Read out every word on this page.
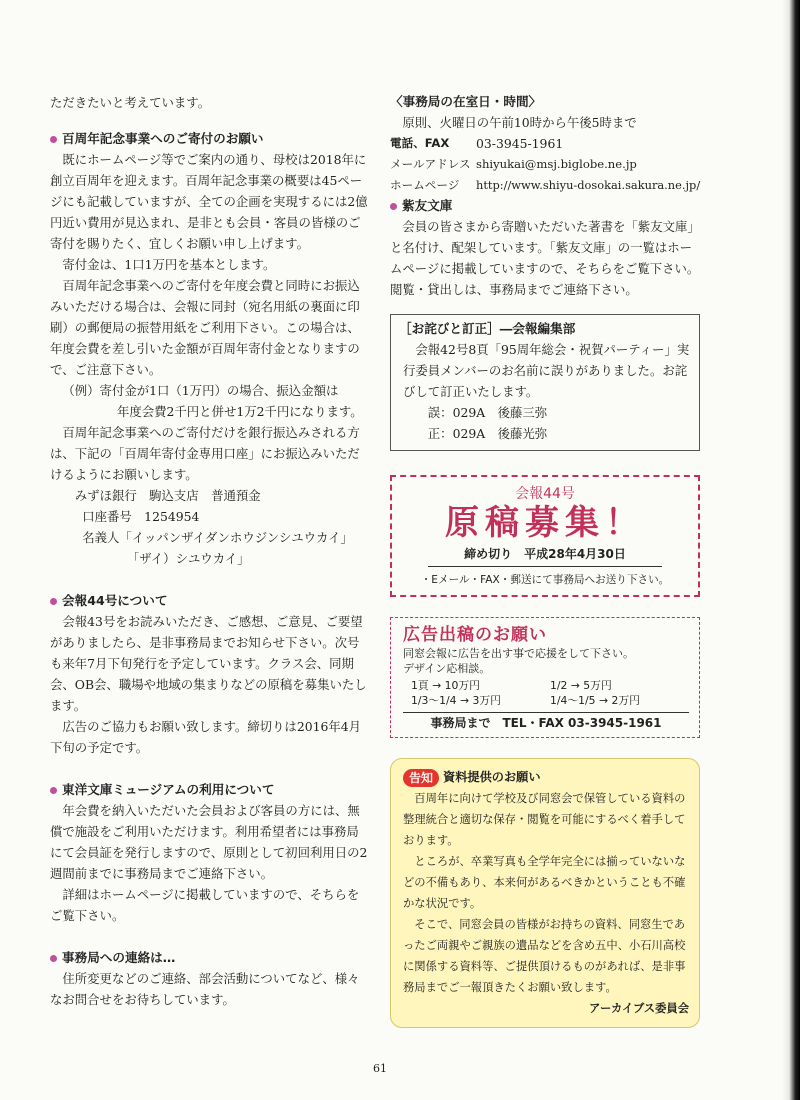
ただきたいと考えています。

百周年記念事業へのご寄付のお願い

既にホームページ等でご案内の通り、母校は2018年に創立百周年を迎えます。百周年記念事業の概要は45ページにも記載していますが、全ての企画を実現するには2億円近い費用が見込まれ、是非とも会員・客員の皆様のご寄付を賜りたく、宜しくお願い申し上げます。

寄付金は、1口1万円を基本とします。

百周年記念事業へのご寄付を年度会費と同時にお振込みいただける場合は、会報に同封（宛名用紙の裏面に印刷）の郵便局の振替用紙をご利用下さい。この場合は、年度会費を差し引いた金額が百周年寄付金となりますので、ご注意下さい。

（例）寄付金が1口（1万円）の場合、振込金額は

年度会費2千円と併せ1万2千円になります。

百周年記念事業へのご寄付だけを銀行振込みされる方は、下記の「百周年寄付金専用口座」にお振込みいただけるようにお願いします。

みずほ銀行　駒込支店　普通預金

口座番号　1254954

名義人「イッパンザイダンホウジンシユウカイ」

「ザイ）シユウカイ」

会報44号について

会報43号をお読みいただき、ご感想、ご意見、ご要望がありましたら、是非事務局までお知らせ下さい。次号も来年7月下旬発行を予定しています。クラス会、同期会、OB会、職場や地域の集まりなどの原稿を募集いたします。

広告のご協力もお願い致します。締切りは2016年4月下旬の予定です。

東洋文庫ミュージアムの利用について

年会費を納入いただいた会員および客員の方には、無償で施設をご利用いただけます。利用希望者には事務局にて会員証を発行しますので、原則として初回利用日の2週間前までに事務局までご連絡下さい。

詳細はホームページに掲載していますので、そちらをご覧下さい。

事務局への連絡は…

住所変更などのご連絡、部会活動についてなど、様々なお問合せをお待ちしています。

〈事務局の在室日・時間〉

原則、火曜日の午前10時から午後5時まで

電話、FAX	03-3945-1961
メールアドレス shiyukai@msj.biglobe.ne.jp
ホームページ	http://www.shiyu-dosokai.sakura.ne.jp/

紫友文庫

会員の皆さまから寄贈いただいた著書を「紫友文庫」と名付け、配架しています。「紫友文庫」の一覧はホームページに掲載していますので、そちらをご覧下さい。閲覧・貸出しは、事務局までご連絡下さい。

［お詫びと訂正］―会報編集部

会報42号8頁「95周年総会・祝賀パーティー」実行委員メンバーのお名前に誤りがありました。お詫びして訂正いたします。

誤：029A　後藤三弥

正：029A　後藤光弥

会報44号
原稿募集！
締め切り　平成28年4月30日
・Eメール・FAX・郵送にて事務局へお送り下さい。
広告出稿のお願い
同窓会報に広告を出す事で応援をして下さい。
デザイン応相談。
1頁 → 10万円	1/2 → 5万円
1/3〜1/4 → 3万円	1/4〜1/5 → 2万円
事務局まで　TEL・FAX 03-3945-1961
告知 資料提供のお願い

百周年に向けて学校及び同窓会で保管している資料の整理統合と適切な保存・閲覧を可能にするべく着手しております。

ところが、卒業写真も全学年完全には揃っていないなどの不備もあり、本来何があるべきかということも不確かな状況です。

そこで、同窓会員の皆様がお持ちの資料、同窓生であったご両親やご親族の遺品などを含め五中、小石川高校に関係する資料等、ご提供頂けるものがあれば、是非事務局までご一報頂きたくお願い致します。

アーカイブス委員会
61
